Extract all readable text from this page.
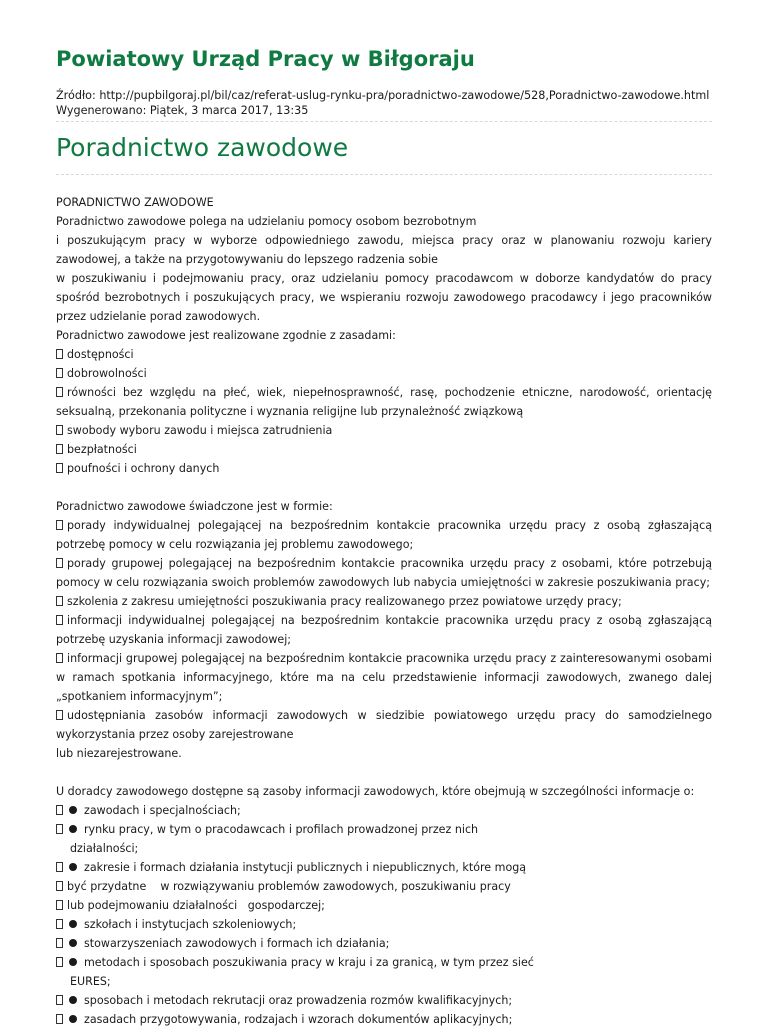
Powiatowy Urząd Pracy w Biłgoraju
Źródło: http://pupbilgoraj.pl/bil/caz/referat-uslug-rynku-pra/poradnictwo-zawodowe/528,Poradnictwo-zawodowe.html
Wygenerowano: Piątek, 3 marca 2017, 13:35
Poradnictwo zawodowe
PORADNICTWO ZAWODOWE
Poradnictwo zawodowe polega na udzielaniu pomocy osobom bezrobotnym
i poszukującym pracy w wyborze odpowiedniego zawodu, miejsca pracy oraz w planowaniu rozwoju kariery zawodowej, a także na przygotowywaniu do lepszego radzenia sobie
w poszukiwaniu i podejmowaniu pracy, oraz udzielaniu pomocy pracodawcom w doborze kandydatów do pracy spośród bezrobotnych i poszukujących pracy, we wspieraniu rozwoju zawodowego pracodawcy i jego pracowników przez udzielanie porad zawodowych.
Poradnictwo zawodowe jest realizowane zgodnie z zasadami:
dostępności
dobrowolności
równości bez względu na płeć, wiek, niepełnosprawność, rasę, pochodzenie etniczne, narodowość, orientację seksualną, przekonania polityczne i wyznania religijne lub przynależność związkową
swobody wyboru zawodu i miejsca zatrudnienia
bezpłatności
poufności i ochrony danych
Poradnictwo zawodowe świadczone jest w formie:
porady indywidualnej polegającej na bezpośrednim kontakcie pracownika urzędu pracy z osobą zgłaszającą potrzebę pomocy w celu rozwiązania jej problemu zawodowego;
porady grupowej polegającej na bezpośrednim kontakcie pracownika urzędu pracy z osobami, które potrzebują pomocy w celu rozwiązania swoich problemów zawodowych lub nabycia umiejętności w zakresie poszukiwania pracy;
szkolenia z zakresu umiejętności poszukiwania pracy realizowanego przez powiatowe urzędy pracy;
informacji indywidualnej polegającej na bezpośrednim kontakcie pracownika urzędu pracy z osobą zgłaszającą potrzebę uzyskania informacji zawodowej;
informacji grupowej polegającej na bezpośrednim kontakcie pracownika urzędu pracy z zainteresowanymi osobami w ramach spotkania informacyjnego, które ma na celu przedstawienie informacji zawodowych, zwanego dalej „spotkaniem informacyjnym”;
udostępniania zasobów informacji zawodowych w siedzibie powiatowego urzędu pracy do samodzielnego wykorzystania przez osoby zarejestrowane
lub niezarejestrowane.
U doradcy zawodowego dostępne są zasoby informacji zawodowych, które obejmują w szczególności informacje o:
zawodach i specjalnościach;
rynku pracy, w tym o pracodawcach i profilach prowadzonej przez nich
działalności;
zakresie i formach działania instytucji publicznych i niepublicznych, które mogą
być przydatne    w rozwiązywaniu problemów zawodowych, poszukiwaniu pracy
lub podejmowaniu działalności   gospodarczej;
szkołach i instytucjach szkoleniowych;
stowarzyszeniach zawodowych i formach ich działania;
metodach i sposobach poszukiwania pracy w kraju i za granicą, w tym przez sieć
EURES;
sposobach i metodach rekrutacji oraz prowadzenia rozmów kwalifikacyjnych;
zasadach przygotowywania, rodzajach i wzorach dokumentów aplikacyjnych;
